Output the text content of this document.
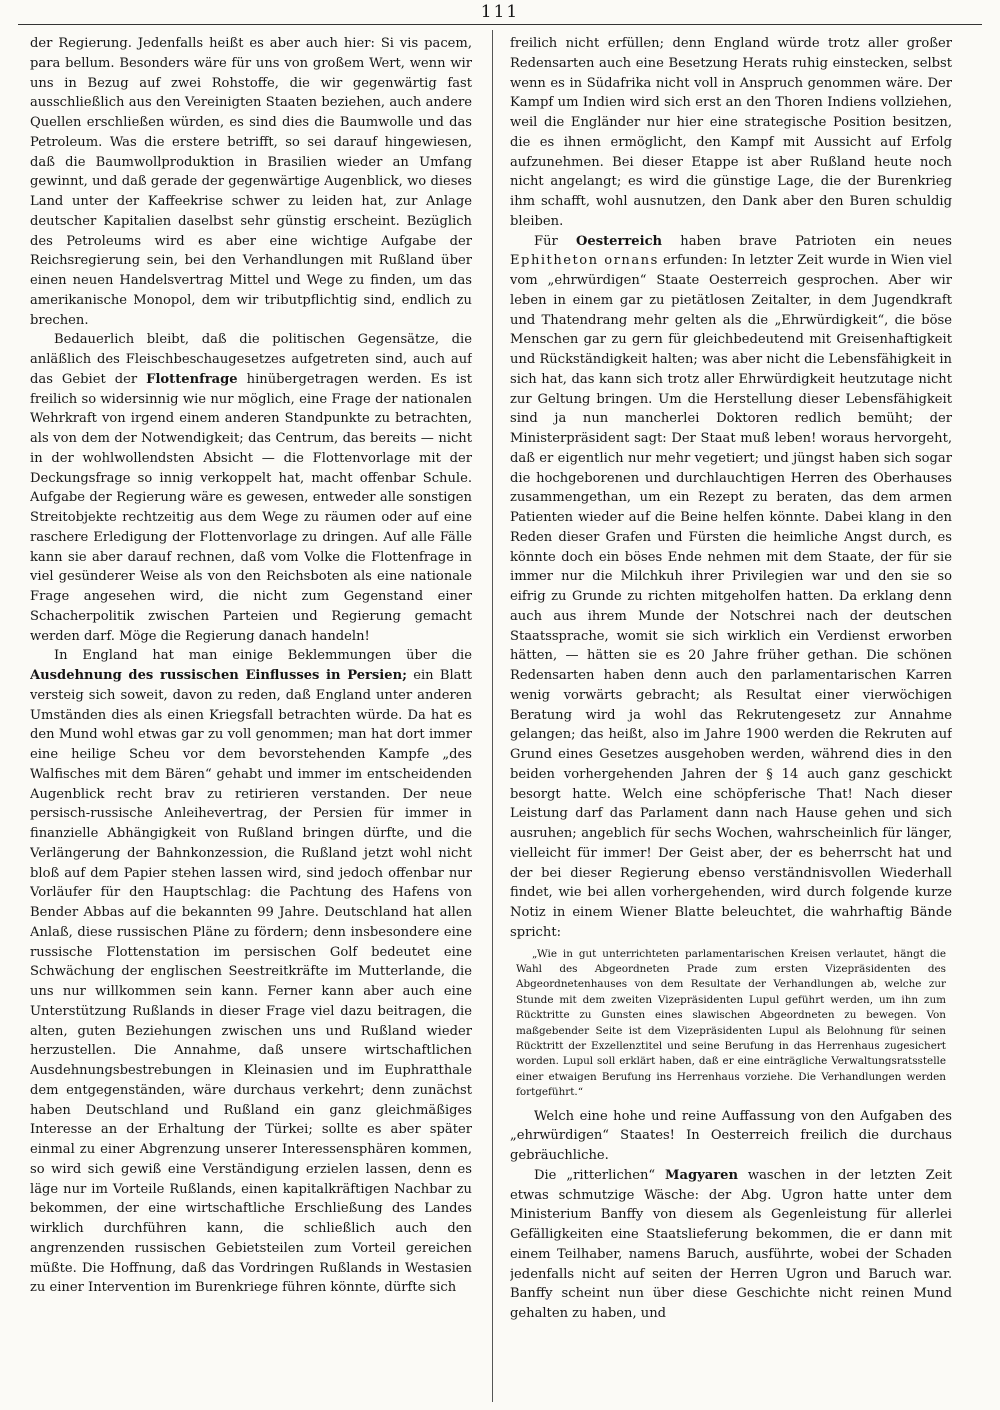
111

der Regierung. Jedenfalls heißt es aber auch hier: Si vis pacem, para bellum. Besonders wäre für uns von großem Wert, wenn wir uns in Bezug auf zwei Rohstoffe, die wir gegenwärtig fast ausschließlich aus den Vereinigten Staaten beziehen, auch andere Quellen erschließen würden, es sind dies die Baumwolle und das Petroleum. Was die erstere betrifft, so sei darauf hingewiesen, daß die Baumwollproduktion in Brasilien wieder an Umfang gewinnt, und daß gerade der gegenwärtige Augenblick, wo dieses Land unter der Kaffeekrise schwer zu leiden hat, zur Anlage deutscher Kapitalien daselbst sehr günstig erscheint. Bezüglich des Petroleums wird es aber eine wichtige Aufgabe der Reichsregierung sein, bei den Verhandlungen mit Rußland über einen neuen Handelsvertrag Mittel und Wege zu finden, um das amerikanische Monopol, dem wir tributpflichtig sind, endlich zu brechen.

Bedauerlich bleibt, daß die politischen Gegensätze, die anläßlich des Fleischbeschaugesetzes aufgetreten sind, auch auf das Gebiet der Flottenfrage hinübergetragen werden. Es ist freilich so widersinnig wie nur möglich, eine Frage der nationalen Wehrkraft von irgend einem anderen Standpunkte zu betrachten, als von dem der Notwendigkeit; das Centrum, das bereits — nicht in der wohlwollendsten Absicht — die Flottenvorlage mit der Deckungsfrage so innig verkoppelt hat, macht offenbar Schule. Aufgabe der Regierung wäre es gewesen, entweder alle sonstigen Streitobjekte rechtzeitig aus dem Wege zu räumen oder auf eine raschere Erledigung der Flottenvorlage zu dringen. Auf alle Fälle kann sie aber darauf rechnen, daß vom Volke die Flottenfrage in viel gesünderer Weise als von den Reichsboten als eine nationale Frage angesehen wird, die nicht zum Gegenstand einer Schacherpolitik zwischen Parteien und Regierung gemacht werden darf. Möge die Regierung danach handeln!

In England hat man einige Beklemmungen über die Ausdehnung des russischen Einflusses in Persien; ein Blatt versteig sich soweit, davon zu reden, daß England unter anderen Umständen dies als einen Kriegsfall betrachten würde. Da hat es den Mund wohl etwas gar zu voll genommen; man hat dort immer eine heilige Scheu vor dem bevorstehenden Kampfe „des Walfisches mit dem Bären“ gehabt und immer im entscheidenden Augenblick recht brav zu retirieren verstanden. Der neue persisch-russische Anleihevertrag, der Persien für immer in finanzielle Abhängigkeit von Rußland bringen dürfte, und die Verlängerung der Bahnkonzession, die Rußland jetzt wohl nicht bloß auf dem Papier stehen lassen wird, sind jedoch offenbar nur Vorläufer für den Hauptschlag: die Pachtung des Hafens von Bender Abbas auf die bekannten 99 Jahre. Deutschland hat allen Anlaß, diese russischen Pläne zu fördern; denn insbesondere eine russische Flottenstation im persischen Golf bedeutet eine Schwächung der englischen Seestreitkräfte im Mutterlande, die uns nur willkommen sein kann. Ferner kann aber auch eine Unterstützung Rußlands in dieser Frage viel dazu beitragen, die alten, guten Beziehungen zwischen uns und Rußland wieder herzustellen. Die Annahme, daß unsere wirtschaftlichen Ausdehnungsbestrebungen in Kleinasien und im Euphratthale dem entgegenständen, wäre durchaus verkehrt; denn zunächst haben Deutschland und Rußland ein ganz gleichmäßiges Interesse an der Erhaltung der Türkei; sollte es aber später einmal zu einer Abgrenzung unserer Interessensphären kommen, so wird sich gewiß eine Verständigung erzielen lassen, denn es läge nur im Vorteile Rußlands, einen kapitalkräftigen Nachbar zu bekommen, der eine wirtschaftliche Erschließung des Landes wirklich durchführen kann, die schließlich auch den angrenzenden russischen Gebietsteilen zum Vorteil gereichen müßte. Die Hoffnung, daß das Vordringen Rußlands in Westasien zu einer Intervention im Burenkriege führen könnte, dürfte sich

freilich nicht erfüllen; denn England würde trotz aller großer Redensarten auch eine Besetzung Herats ruhig einstecken, selbst wenn es in Südafrika nicht voll in Anspruch genommen wäre. Der Kampf um Indien wird sich erst an den Thoren Indiens vollziehen, weil die Engländer nur hier eine strategische Position besitzen, die es ihnen ermöglicht, den Kampf mit Aussicht auf Erfolg aufzunehmen. Bei dieser Etappe ist aber Rußland heute noch nicht angelangt; es wird die günstige Lage, die der Burenkrieg ihm schafft, wohl ausnutzen, den Dank aber den Buren schuldig bleiben.

Für Oesterreich haben brave Patrioten ein neues Ephitheton ornans erfunden: In letzter Zeit wurde in Wien viel vom „ehrwürdigen“ Staate Oesterreich gesprochen. Aber wir leben in einem gar zu pietätlosen Zeitalter, in dem Jugendkraft und Thatendrang mehr gelten als die „Ehrwürdigkeit“, die böse Menschen gar zu gern für gleichbedeutend mit Greisenhaftigkeit und Rückständigkeit halten; was aber nicht die Lebensfähigkeit in sich hat, das kann sich trotz aller Ehrwürdigkeit heutzutage nicht zur Geltung bringen. Um die Herstellung dieser Lebensfähigkeit sind ja nun mancherlei Doktoren redlich bemüht; der Ministerpräsident sagt: Der Staat muß leben! woraus hervorgeht, daß er eigentlich nur mehr vegetiert; und jüngst haben sich sogar die hochgeborenen und durchlauchtigen Herren des Oberhauses zusammengethan, um ein Rezept zu beraten, das dem armen Patienten wieder auf die Beine helfen könnte. Dabei klang in den Reden dieser Grafen und Fürsten die heimliche Angst durch, es könnte doch ein böses Ende nehmen mit dem Staate, der für sie immer nur die Milchkuh ihrer Privilegien war und den sie so eifrig zu Grunde zu richten mitgeholfen hatten. Da erklang denn auch aus ihrem Munde der Notschrei nach der deutschen Staatssprache, womit sie sich wirklich ein Verdienst erworben hätten, — hätten sie es 20 Jahre früher gethan. Die schönen Redensarten haben denn auch den parlamentarischen Karren wenig vorwärts gebracht; als Resultat einer vierwöchigen Beratung wird ja wohl das Rekrutengesetz zur Annahme gelangen; das heißt, also im Jahre 1900 werden die Rekruten auf Grund eines Gesetzes ausgehoben werden, während dies in den beiden vorhergehenden Jahren der § 14 auch ganz geschickt besorgt hatte. Welch eine schöpferische That! Nach dieser Leistung darf das Parlament dann nach Hause gehen und sich ausruhen; angeblich für sechs Wochen, wahrscheinlich für länger, vielleicht für immer! Der Geist aber, der es beherrscht hat und der bei dieser Regierung ebenso verständnisvollen Wiederhall findet, wie bei allen vorhergehenden, wird durch folgende kurze Notiz in einem Wiener Blatte beleuchtet, die wahrhaftig Bände spricht:

„Wie in gut unterrichteten parlamentarischen Kreisen verlautet, hängt die Wahl des Abgeordneten Prade zum ersten Vizepräsidenten des Abgeordnetenhauses von dem Resultate der Verhandlungen ab, welche zur Stunde mit dem zweiten Vizepräsidenten Lupul geführt werden, um ihn zum Rücktritte zu Gunsten eines slawischen Abgeordneten zu bewegen. Von maßgebender Seite ist dem Vizepräsidenten Lupul als Belohnung für seinen Rücktritt der Exzellenztitel und seine Berufung in das Herrenhaus zugesichert worden. Lupul soll erklärt haben, daß er eine einträgliche Verwaltungsratsstelle einer etwaigen Berufung ins Herrenhaus vorziehe. Die Verhandlungen werden fortgeführt.“

Welch eine hohe und reine Auffassung von den Aufgaben des „ehrwürdigen“ Staates! In Oesterreich freilich die durchaus gebräuchliche.

Die „ritterlichen“ Magyaren waschen in der letzten Zeit etwas schmutzige Wäsche: der Abg. Ugron hatte unter dem Ministerium Banffy von diesem als Gegenleistung für allerlei Gefälligkeiten eine Staatslieferung bekommen, die er dann mit einem Teilhaber, namens Baruch, ausführte, wobei der Schaden jedenfalls nicht auf seiten der Herren Ugron und Baruch war. Banffy scheint nun über diese Geschichte nicht reinen Mund gehalten zu haben, und
